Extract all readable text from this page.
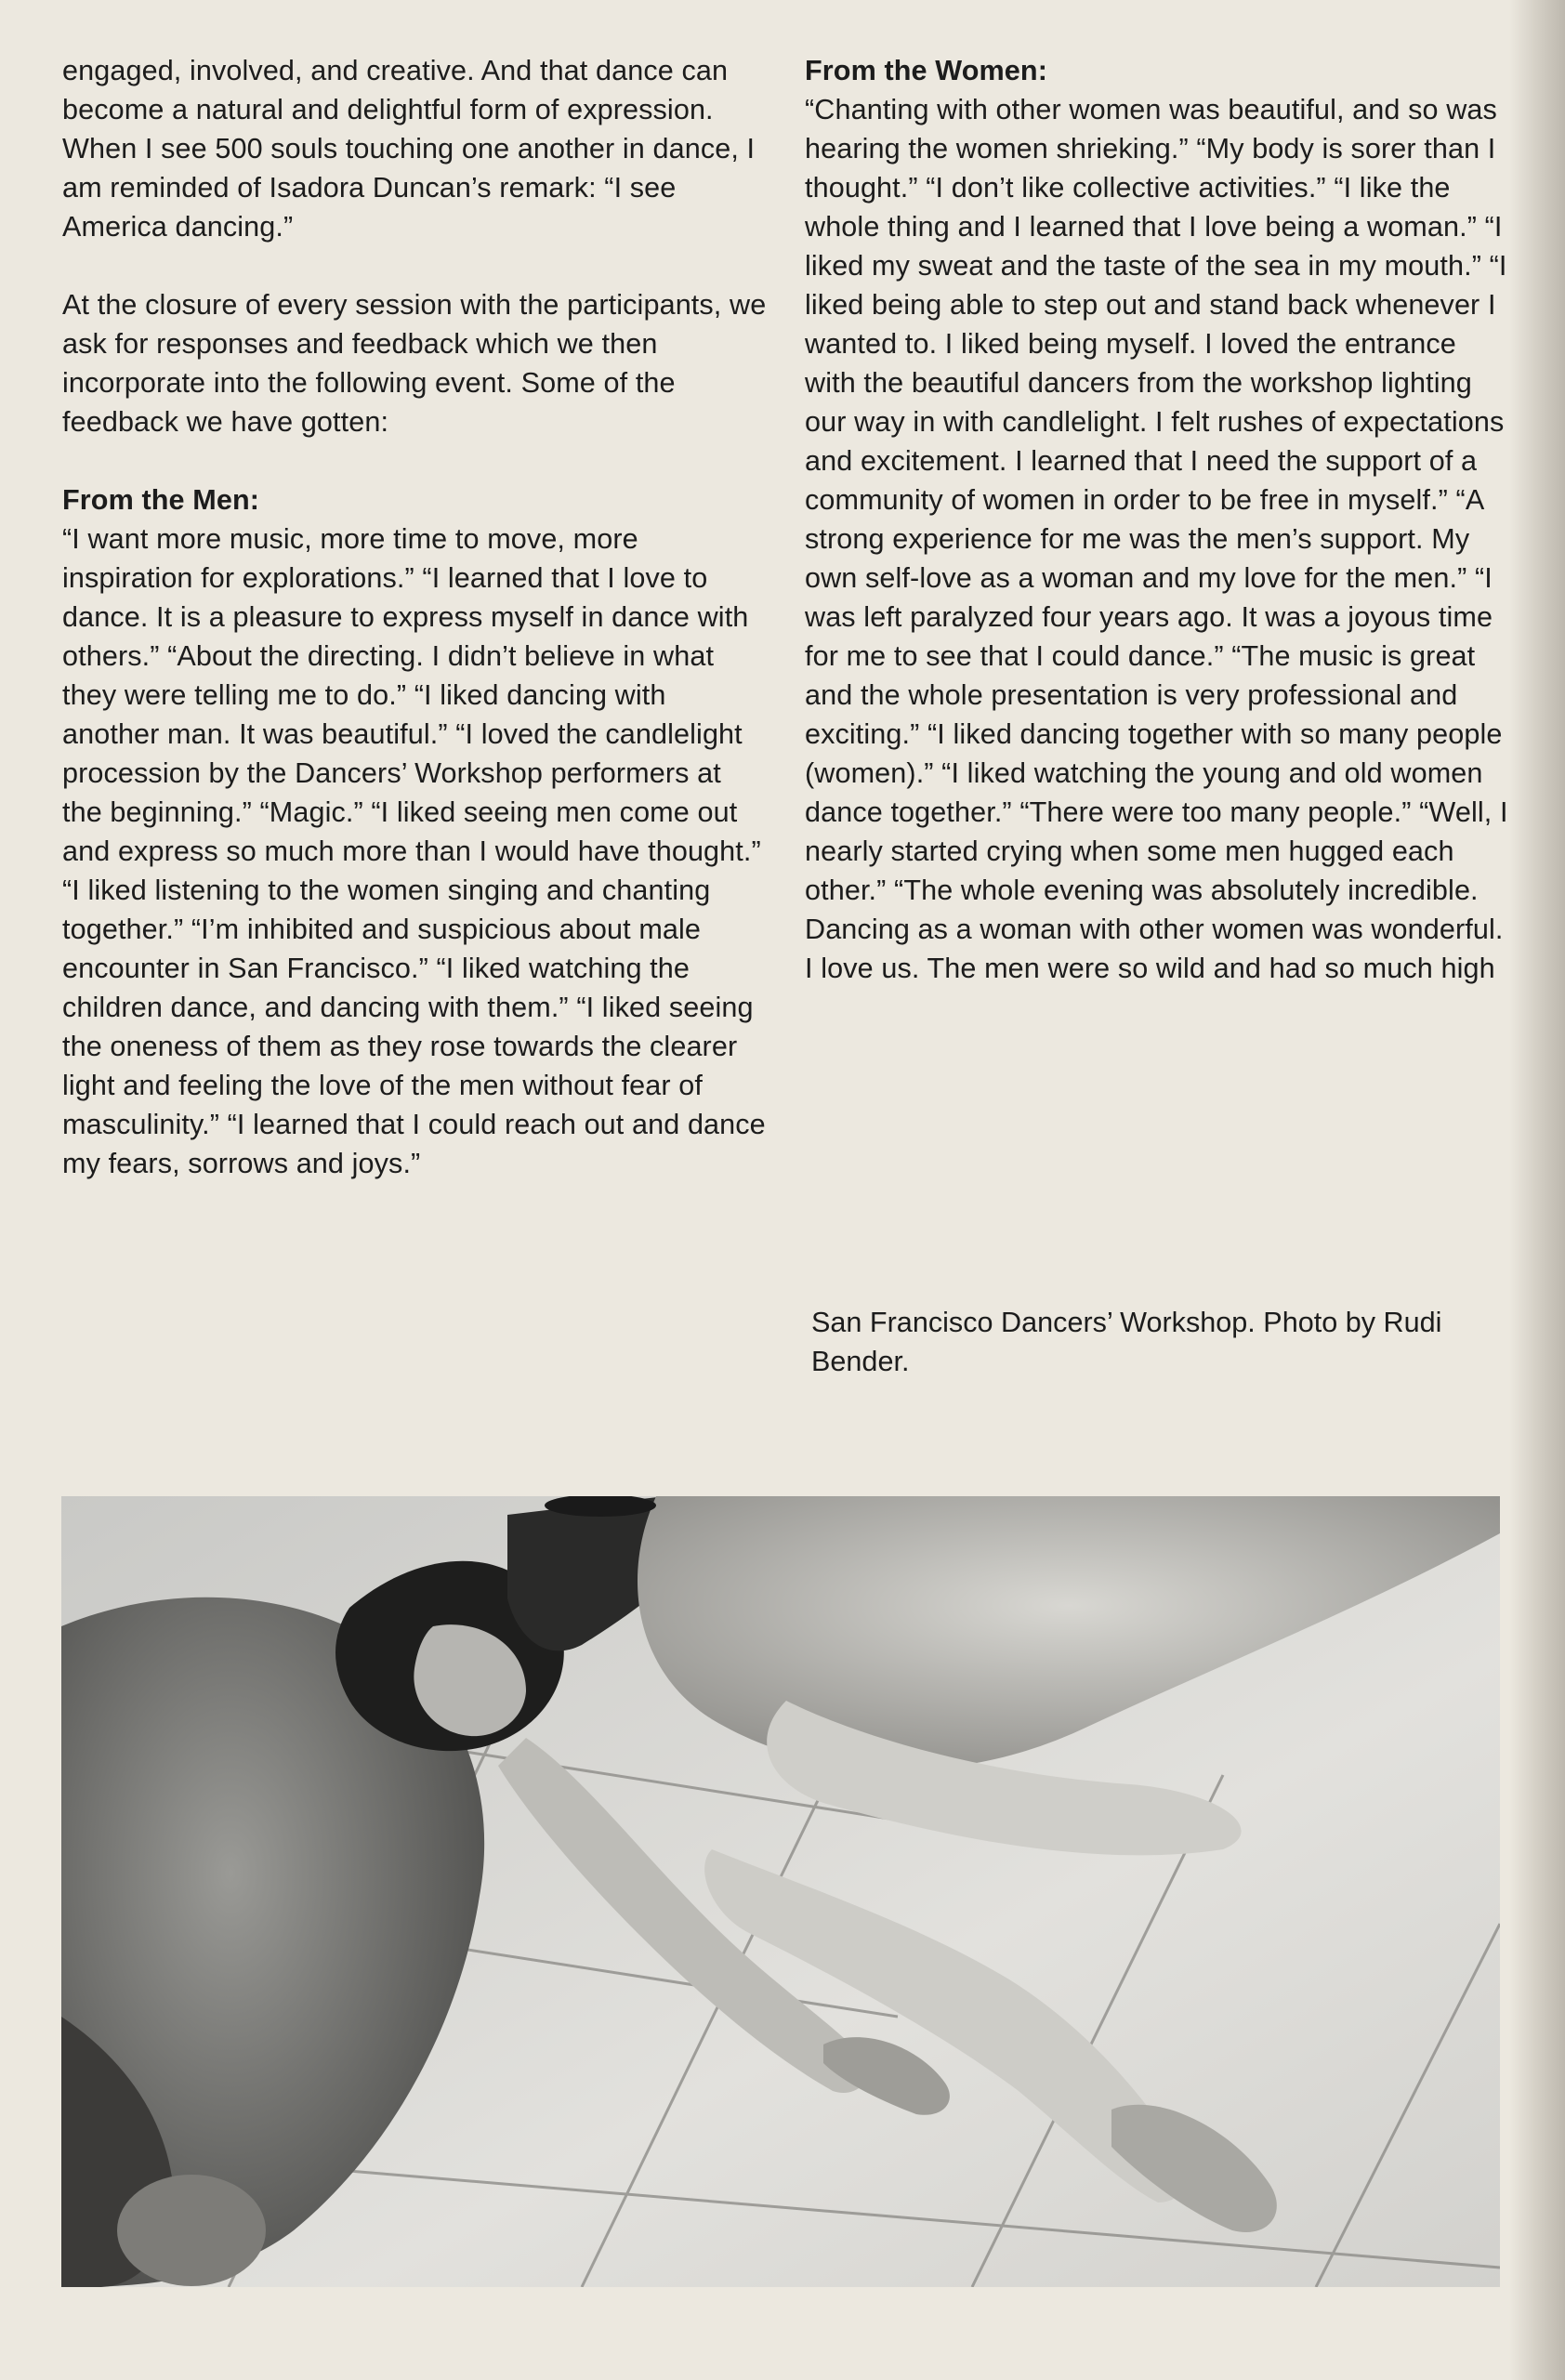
engaged, involved, and creative. And that dance can become a natural and delightful form of expression. When I see 500 souls touching one another in dance, I am reminded of Isadora Duncan’s remark: “I see America dancing.”

At the closure of every session with the participants, we ask for responses and feedback which we then incorporate into the following event. Some of the feedback we have gotten:

From the Men:

“I want more music, more time to move, more inspiration for explorations.” “I learned that I love to dance. It is a pleasure to express myself in dance with others.” “About the directing. I didn’t believe in what they were telling me to do.” “I liked dancing with another man. It was beautiful.” “I loved the candlelight procession by the Dancers’ Workshop performers at the beginning.” “Magic.” “I liked seeing men come out and express so much more than I would have thought.” “I liked listening to the women singing and chanting together.” “I’m inhibited and suspicious about male encounter in San Francisco.” “I liked watching the children dance, and dancing with them.” “I liked seeing the oneness of them as they rose towards the clearer light and feeling the love of the men without fear of masculinity.” “I learned that I could reach out and dance my fears, sorrows and joys.”

From the Women:

“Chanting with other women was beautiful, and so was hearing the women shrieking.” “My body is sorer than I thought.” “I don’t like collective activities.” “I like the whole thing and I learned that I love being a woman.” “I liked my sweat and the taste of the sea in my mouth.” “I liked being able to step out and stand back whenever I wanted to. I liked being myself. I loved the entrance with the beautiful dancers from the workshop lighting our way in with candlelight. I felt rushes of expectations and excitement. I learned that I need the support of a community of women in order to be free in myself.” “A strong experience for me was the men’s support. My own self-love as a woman and my love for the men.” “I was left paralyzed four years ago. It was a joyous time for me to see that I could dance.” “The music is great and the whole presentation is very professional and exciting.” “I liked dancing together with so many people (women).” “I liked watching the young and old women dance together.” “There were too many people.” “Well, I nearly started crying when some men hugged each other.” “The whole evening was absolutely incredible. Dancing as a woman with other women was wonderful. I love us. The men were so wild and had so much high

San Francisco Dancers’ Workshop. Photo by Rudi Bender.
